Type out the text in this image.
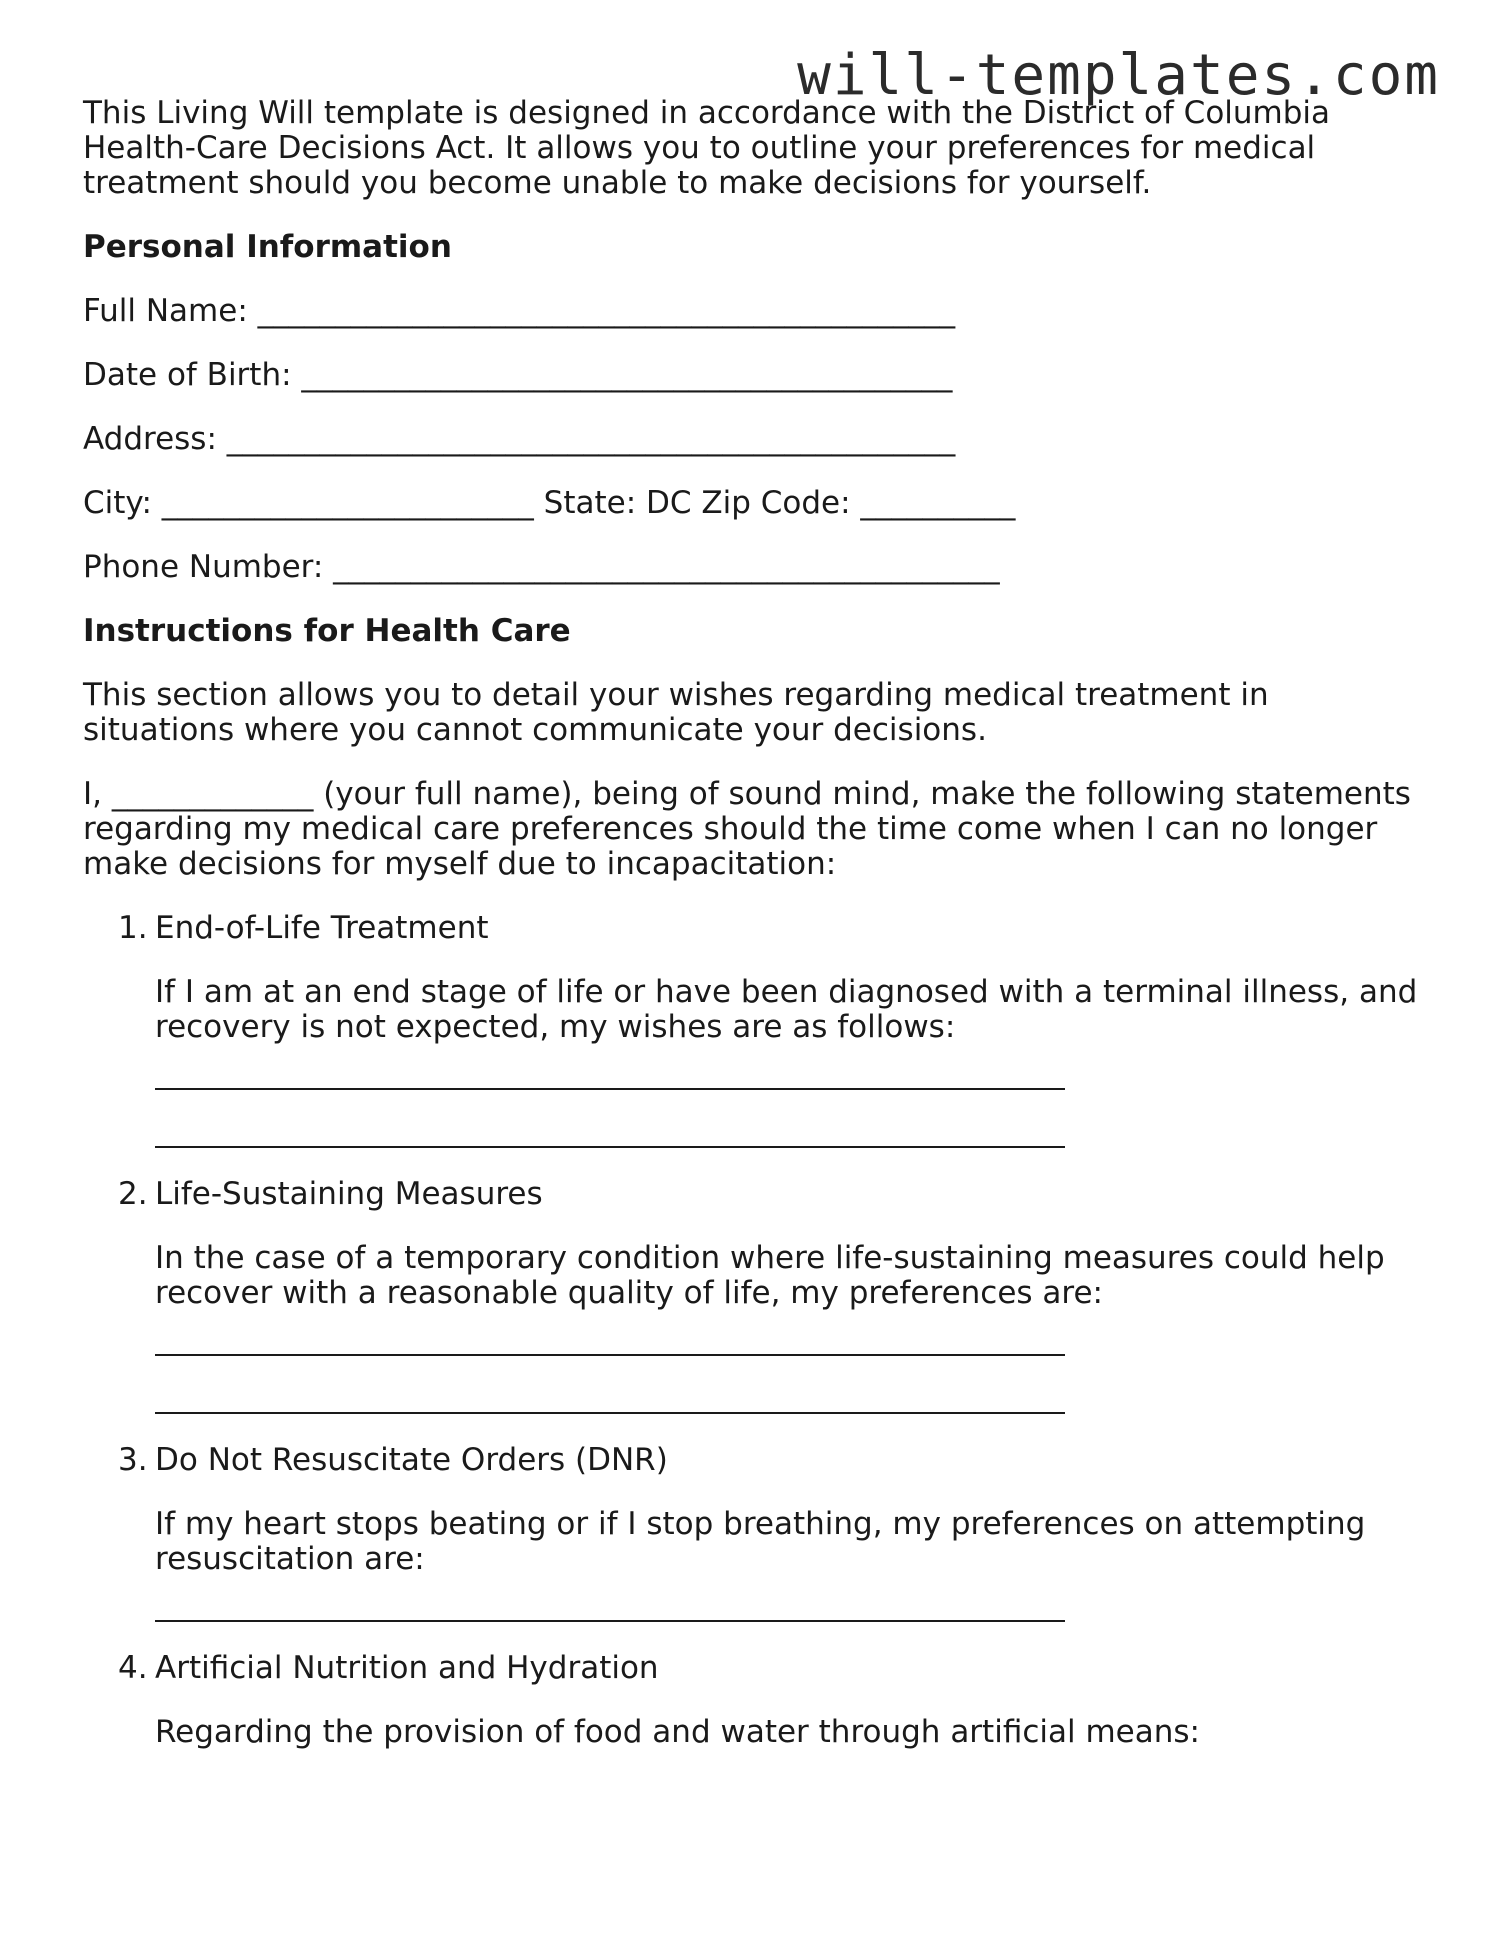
will-templates.com

This Living Will template is designed in accordance with the District of Columbia Health-Care Decisions Act. It allows you to outline your preferences for medical treatment should you become unable to make decisions for yourself.

Personal Information

Full Name: _____________________________________________

Date of Birth: __________________________________________

Address: _______________________________________________

City: ________________________ State: DC Zip Code: __________

Phone Number: ___________________________________________

Instructions for Health Care

This section allows you to detail your wishes regarding medical treatment in situations where you cannot communicate your decisions.

I, _____________ (your full name), being of sound mind, make the following statements regarding my medical care preferences should the time come when I can no longer make decisions for myself due to incapacitation:

1. End-of-Life Treatment

If I am at an end stage of life or have been diagnosed with a terminal illness, and recovery is not expected, my wishes are as follows:

2. Life-Sustaining Measures

In the case of a temporary condition where life-sustaining measures could help recover with a reasonable quality of life, my preferences are:

3. Do Not Resuscitate Orders (DNR)

If my heart stops beating or if I stop breathing, my preferences on attempting resuscitation are:

4. Artificial Nutrition and Hydration

Regarding the provision of food and water through artificial means:
